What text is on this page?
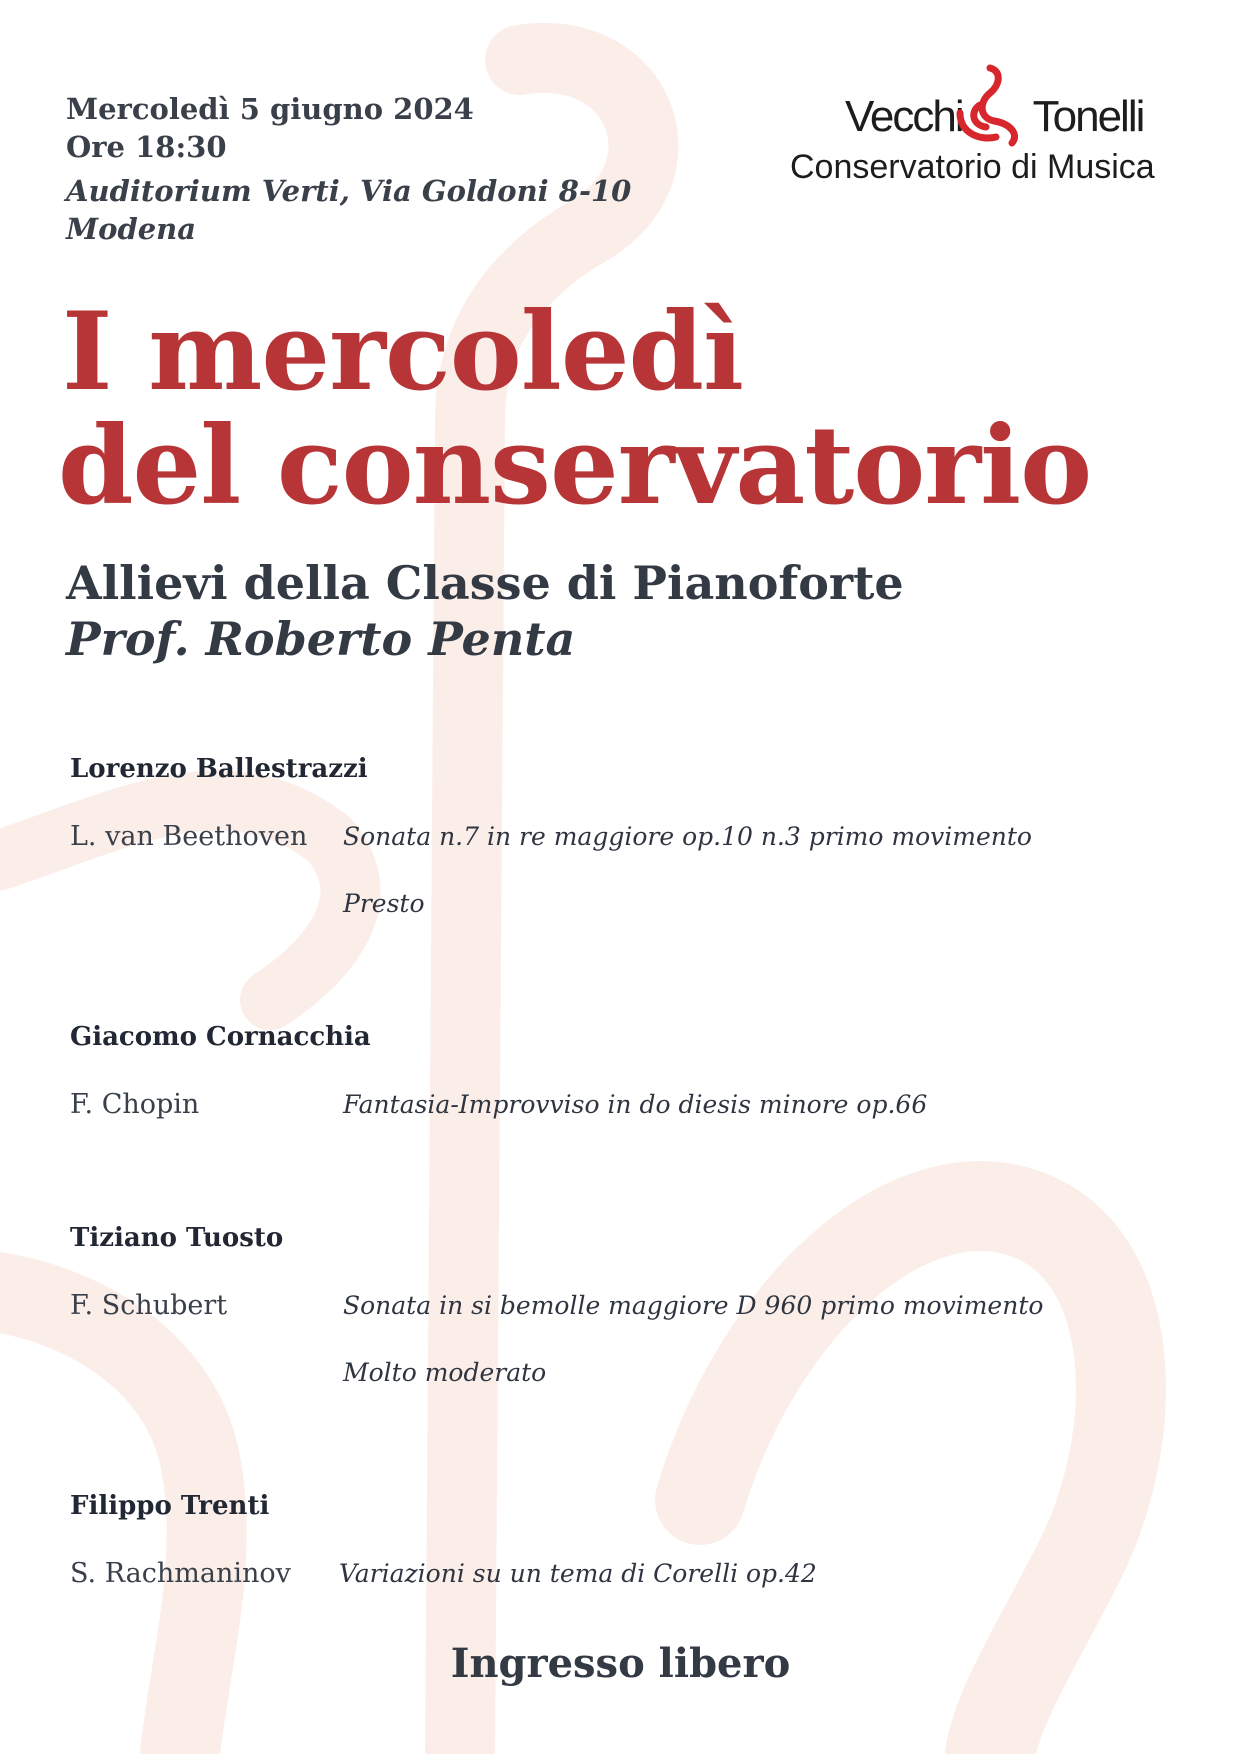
Mercoledì 5 giugno 2024
Ore 18:30
Auditorium Verti, Via Goldoni 8-10
Modena
Vecchi Tonelli
Conservatorio di Musica
I mercoledì
del conservatorio
Allievi della Classe di Pianoforte
Prof. Roberto Penta
Lorenzo Ballestrazzi
L. van Beethoven Sonata n.7 in re maggiore op.10 n.3 primo movimento
Presto
Giacomo Cornacchia
F. Chopin	Fantasia-Improvviso in do diesis minore op.66
Tiziano Tuosto
F. Schubert	Sonata in si bemolle maggiore D 960 primo movimento
Molto moderato
Filippo Trenti
S. Rachmaninov Variazioni su un tema di Corelli op.42
Ingresso libero
